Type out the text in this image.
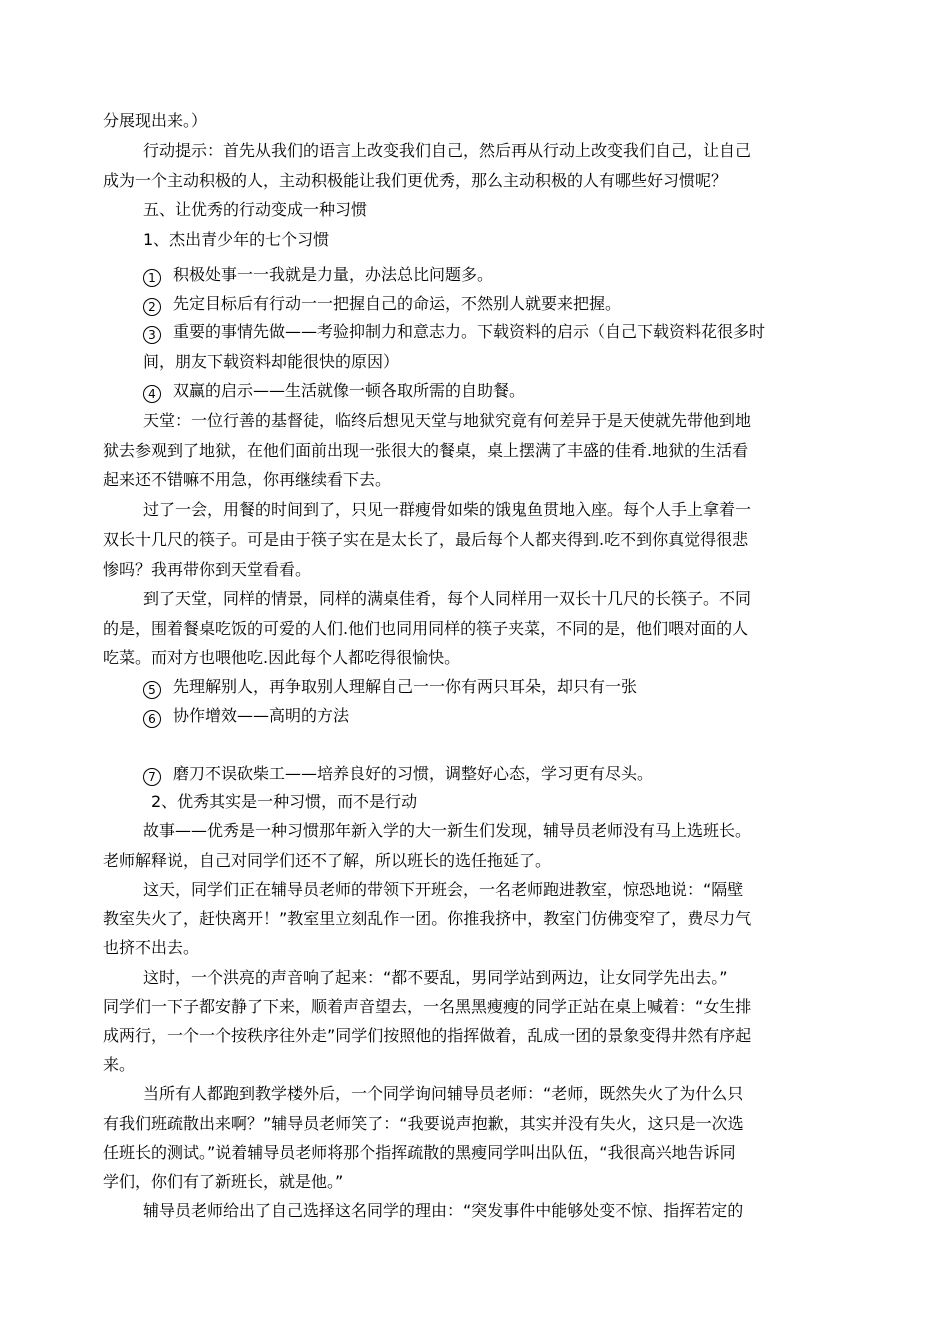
分展现出来。）
行动提示：首先从我们的语言上改变我们自己，然后再从行动上改变我们自己，让自己
成为一个主动积极的人，主动积极能让我们更优秀，那么主动积极的人有哪些好习惯呢？
五、让优秀的行动变成一种习惯
1、杰出青少年的七个习惯
1 积极处事一一我就是力量，办法总比问题多。
2 先定目标后有行动一一把握自己的命运，不然别人就要来把握。
3 重要的事情先做——考验抑制力和意志力。下载资料的启示（自己下载资料花很多时
间，朋友下载资料却能很快的原因）
4 双赢的启示——生活就像一顿各取所需的自助餐。
天堂：一位行善的基督徒，临终后想见天堂与地狱究竟有何差异于是天使就先带他到地
狱去参观到了地狱，在他们面前出现一张很大的餐桌，桌上摆满了丰盛的佳肴.地狱的生活看
起来还不错嘛不用急，你再继续看下去。
过了一会，用餐的时间到了，只见一群瘦骨如柴的饿鬼鱼贯地入座。每个人手上拿着一
双长十几尺的筷子。可是由于筷子实在是太长了，最后每个人都夹得到.吃不到你真觉得很悲
惨吗？我再带你到天堂看看。
到了天堂，同样的情景，同样的满桌佳肴，每个人同样用一双长十几尺的长筷子。不同
的是，围着餐桌吃饭的可爱的人们.他们也同用同样的筷子夹菜，不同的是，他们喂对面的人
吃菜。而对方也喂他吃.因此每个人都吃得很愉快。
5 先理解别人，再争取别人理解自己一一你有两只耳朵，却只有一张
6 协作增效——高明的方法
7 磨刀不误砍柴工——培养良好的习惯，调整好心态，学习更有尽头。
2、优秀其实是一种习惯，而不是行动
故事——优秀是一种习惯那年新入学的大一新生们发现，辅导员老师没有马上选班长。
老师解释说，自己对同学们还不了解，所以班长的选任拖延了。
这天，同学们正在辅导员老师的带领下开班会，一名老师跑进教室，惊恐地说：“隔壁
教室失火了，赶快离开！”教室里立刻乱作一团。你推我挤中，教室门仿佛变窄了，费尽力气
也挤不出去。
这时，一个洪亮的声音响了起来：“都不要乱，男同学站到两边，让女同学先出去。”
同学们一下子都安静了下来，顺着声音望去，一名黑黑瘦瘦的同学正站在桌上喊着：“女生排
成两行，一个一个按秩序往外走”同学们按照他的指挥做着，乱成一团的景象变得井然有序起
来。
当所有人都跑到教学楼外后，一个同学询问辅导员老师：“老师，既然失火了为什么只
有我们班疏散出来啊？”辅导员老师笑了：“我要说声抱歉，其实并没有失火，这只是一次选
任班长的测试。”说着辅导员老师将那个指挥疏散的黑瘦同学叫出队伍，“我很高兴地告诉同
学们，你们有了新班长，就是他。”
辅导员老师给出了自己选择这名同学的理由：“突发事件中能够处变不惊、指挥若定的
